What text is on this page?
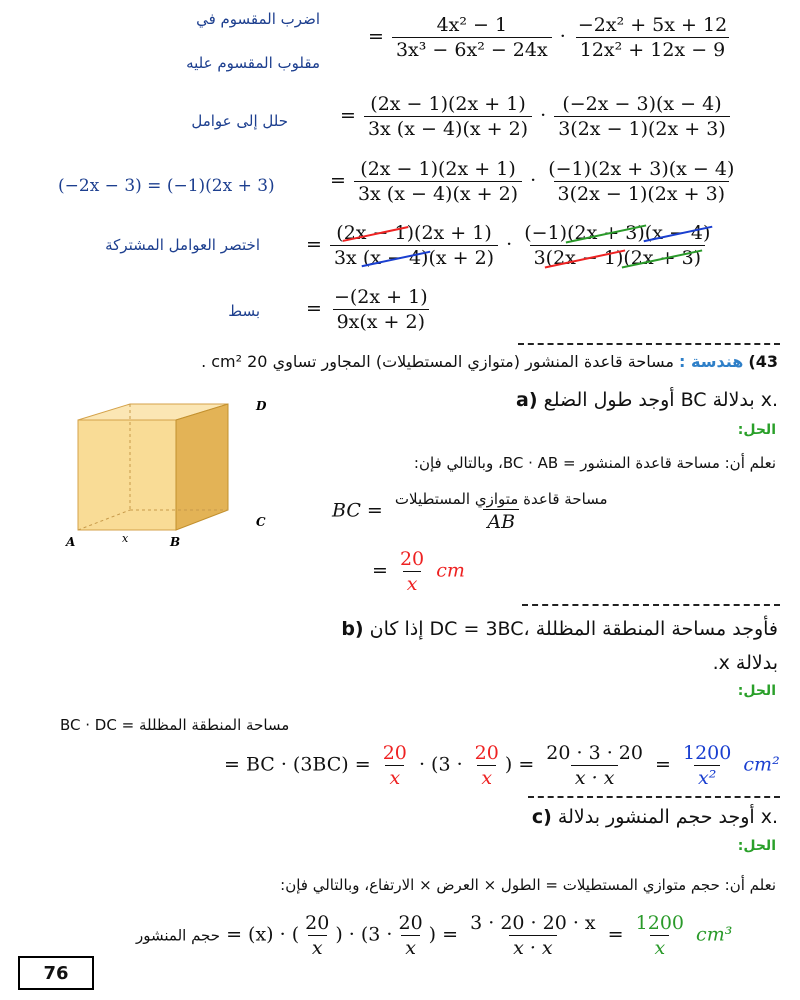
اضرب المقسوم في
مقلوب المقسوم عليه
= $\frac{\text{4x² − 1}}{\text{3x³ − 6x² − 24x}} \cdot \frac{\text{−2x² + 5x + 12}}{\text{12x² + 12x − 9}}$
حلل إلى عوامل	= $\frac{(2x - 1)(2x + 1)}{3x (x - 4)(x + 2)} \cdot \frac{(-2x - 3)(x - 4)}{3(2x - 1)(2x + 3)}$
(−2x − 3) = (−1)(2x + 3)	= $\frac{(2x - 1)(2x + 1)}{3x (x - 4)(x + 2)} \cdot \frac{(-1)(2x + 3)(x - 4)}{3(2x - 1)(2x + 3)}$
اختصر العوامل المشتركة = $\frac{(2x - 1)(2x + 1)}{3x (x - 4)(x + 2)} \cdot \frac{(-1)(2x + 3)(x - 4)}{3(2x - 1)(2x + 3)}$
بسط = $\frac{-(2x + 1)}{9x(x + 2)}$
43) هندسة : مساحة قاعدة المنشور (متوازي المستطيلات) المجاور تساوي 20 cm² .
a) أوجد طول الضلع BC بدلالة x.
الحل:
نعلم أن: مساحة قاعدة المنشور = BC · AB، وبالتالي فإن:
BC = $\frac{\text{مساحة قاعدة متوازي المستطيلات}}{AB}$
= $\frac{20}{x}$ cm
A	x	B
C
D
b) إذا كان DC = 3BC، فأوجد مساحة المنطقة المظللة
بدلالة x.
الحل:
مساحة المنطقة المظللة = BC · DC
= BC · $(3BC) = \frac{20}{x} \cdot (3 \cdot \frac{20}{x}$ ) = $\frac{20 \cdot 3 \cdot 20}{x \cdot x} = \frac{1200}{\text{x²}} cm^2$
c) أوجد حجم المنشور بدلالة x.
الحل:
نعلم أن: حجم متوازي المستطيلات = الطول × العرض × الارتفاع، وبالتالي فإن:
حجم المنشور = (x) · ( $\frac{20}{x}$ ) · ($3 \cdot \frac{20}{x}$ ) = $\frac{3 \cdot 20 \cdot 20 \cdot x}{x \cdot x} = \frac{1200}{x} cm^3$
76
